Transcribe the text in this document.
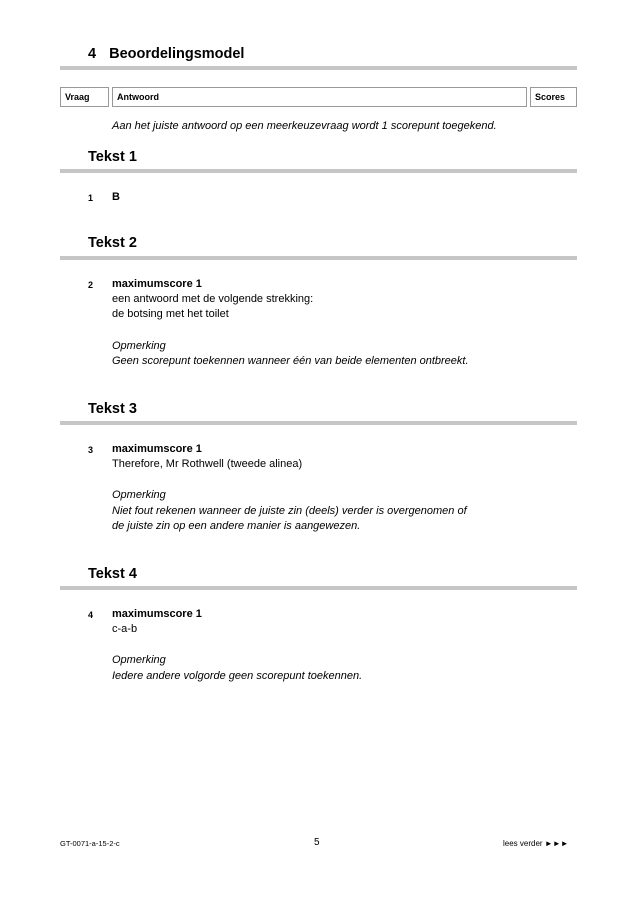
4 Beoordelingsmodel
Vraag	Antwoord	Scores
Aan het juiste antwoord op een meerkeuzevraag wordt 1 scorepunt toegekend.
Tekst 1
1 B
Tekst 2
2 maximumscore 1
een antwoord met de volgende strekking:
de botsing met het toilet
Opmerking
Geen scorepunt toekennen wanneer één van beide elementen ontbreekt.
Tekst 3
3 maximumscore 1
Therefore, Mr Rothwell (tweede alinea)
Opmerking
Niet fout rekenen wanneer de juiste zin (deels) verder is overgenomen of
de juiste zin op een andere manier is aangewezen.
Tekst 4
4 maximumscore 1
c-a-b
Opmerking
Iedere andere volgorde geen scorepunt toekennen.
GT-0071-a-15-2-c	5	lees verder ►►►
